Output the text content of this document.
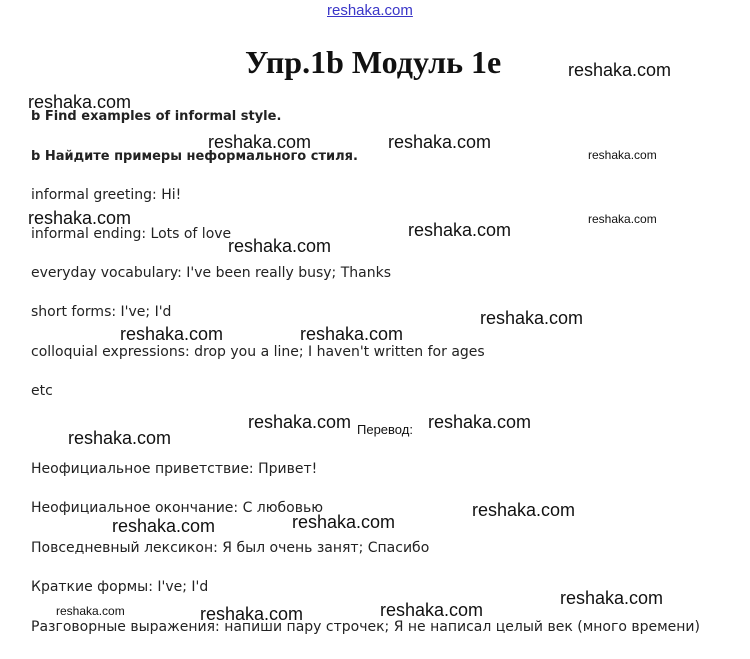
reshaka.com
Упр.1b Модуль 1e
b Find examples of informal style.
b Найдите примеры неформального стиля.
informal greeting: Hi!
informal ending: Lots of love
everyday vocabulary: I've been really busy; Thanks
short forms: I've; I'd
colloquial expressions: drop you a line; I haven't written for ages
etc
Перевод:
Неофициальное приветствие: Привет!
Неофициальное окончание: С любовью
Повседневный лексикон: Я был очень занят; Спасибо
Краткие формы: I've; I'd
Разговорные выражения: напиши пару строчек; Я не написал целый век (много времени)
reshaka.com
reshaka.com
reshaka.com	reshaka.com
reshaka.com
reshaka.com	reshaka.com
reshaka.com
reshaka.com
reshaka.com
reshaka.com	reshaka.com
reshaka.com	reshaka.com
reshaka.com
reshaka.com
reshaka.com
reshaka.com
reshaka.com
reshaka.com
reshaka.com
reshaka.com
